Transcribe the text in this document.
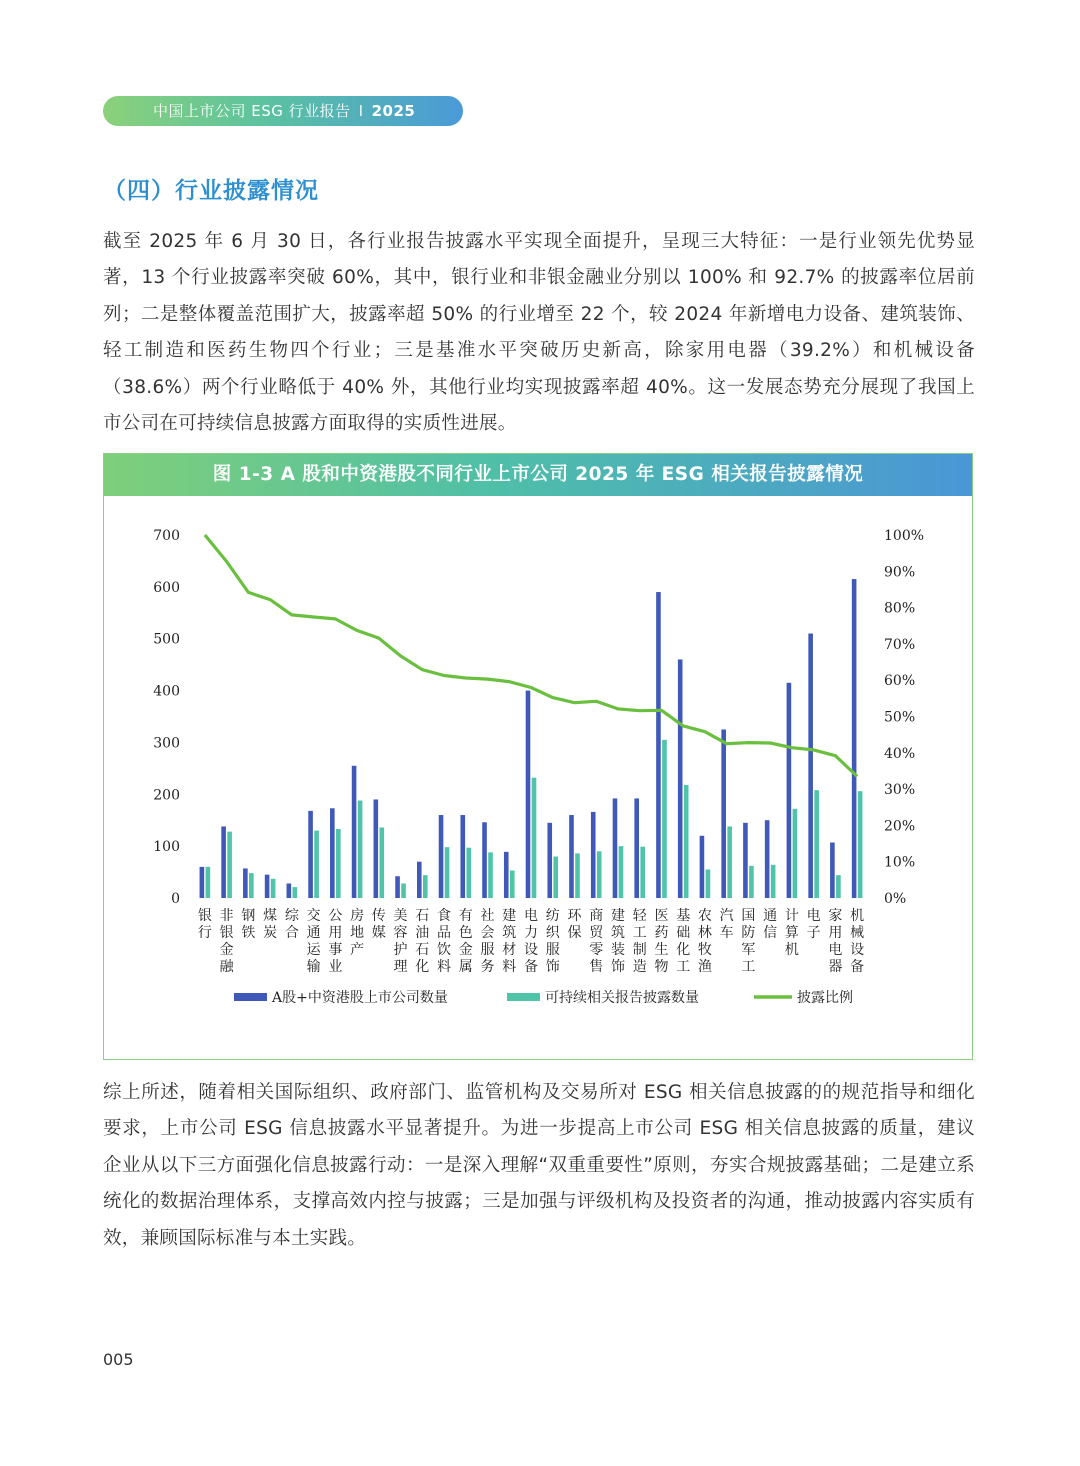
中国上市公司 ESG 行业报告 I 2025
（四）行业披露情况
截至 2025 年 6 月 30 日，各行业报告披露水平实现全面提升，呈现三大特征：一是行业领先优势显著，13 个行业披露率突破 60%，其中，银行业和非银金融业分别以 100% 和 92.7% 的披露率位居前列；二是整体覆盖范围扩大，披露率超 50% 的行业增至 22 个，较 2024 年新增电力设备、建筑装饰、轻工制造和医药生物四个行业；三是基准水平突破历史新高，除家用电器（39.2%）和机械设备（38.6%）两个行业略低于 40% 外，其他行业均实现披露率超 40%。这一发展态势充分展现了我国上市公司在可持续信息披露方面取得的实质性进展。
图 1-3 A 股和中资港股不同行业上市公司 2025 年 ESG 相关报告披露情况
0
100
200
300
400
500
600
700
0%
10%
20%
30%
40%
50%
60%
70%
80%
90%
100%
银
行
非
银
金
融
钢
铁
煤
炭
综
合
交
通
运
输
公
用
事
业
房
地
产
传
媒
美
容
护
理
石
油
石
化
食
品
饮
料
有
色
金
属
社
会
服
务
建
筑
材
料
电
力
设
备
纺
织
服
饰
环
保
商
贸
零
售
建
筑
装
饰
轻
工
制
造
医
药
生
物
基
础
化
工
农
林
牧
渔
汽
车
国
防
军
工
通
信
计
算
机
电
子
家
用
电
器
机
械
设
备
A股+中资港股上市公司数量	可持续相关报告披露数量	披露比例
综上所述，随着相关国际组织、政府部门、监管机构及交易所对 ESG 相关信息披露的的规范指导和细化要求，上市公司 ESG 信息披露水平显著提升。为进一步提高上市公司 ESG 相关信息披露的质量，建议企业从以下三方面强化信息披露行动：一是深入理解“双重重要性”原则，夯实合规披露基础；二是建立系统化的数据治理体系，支撑高效内控与披露；三是加强与评级机构及投资者的沟通，推动披露内容实质有效，兼顾国际标准与本土实践。
005
